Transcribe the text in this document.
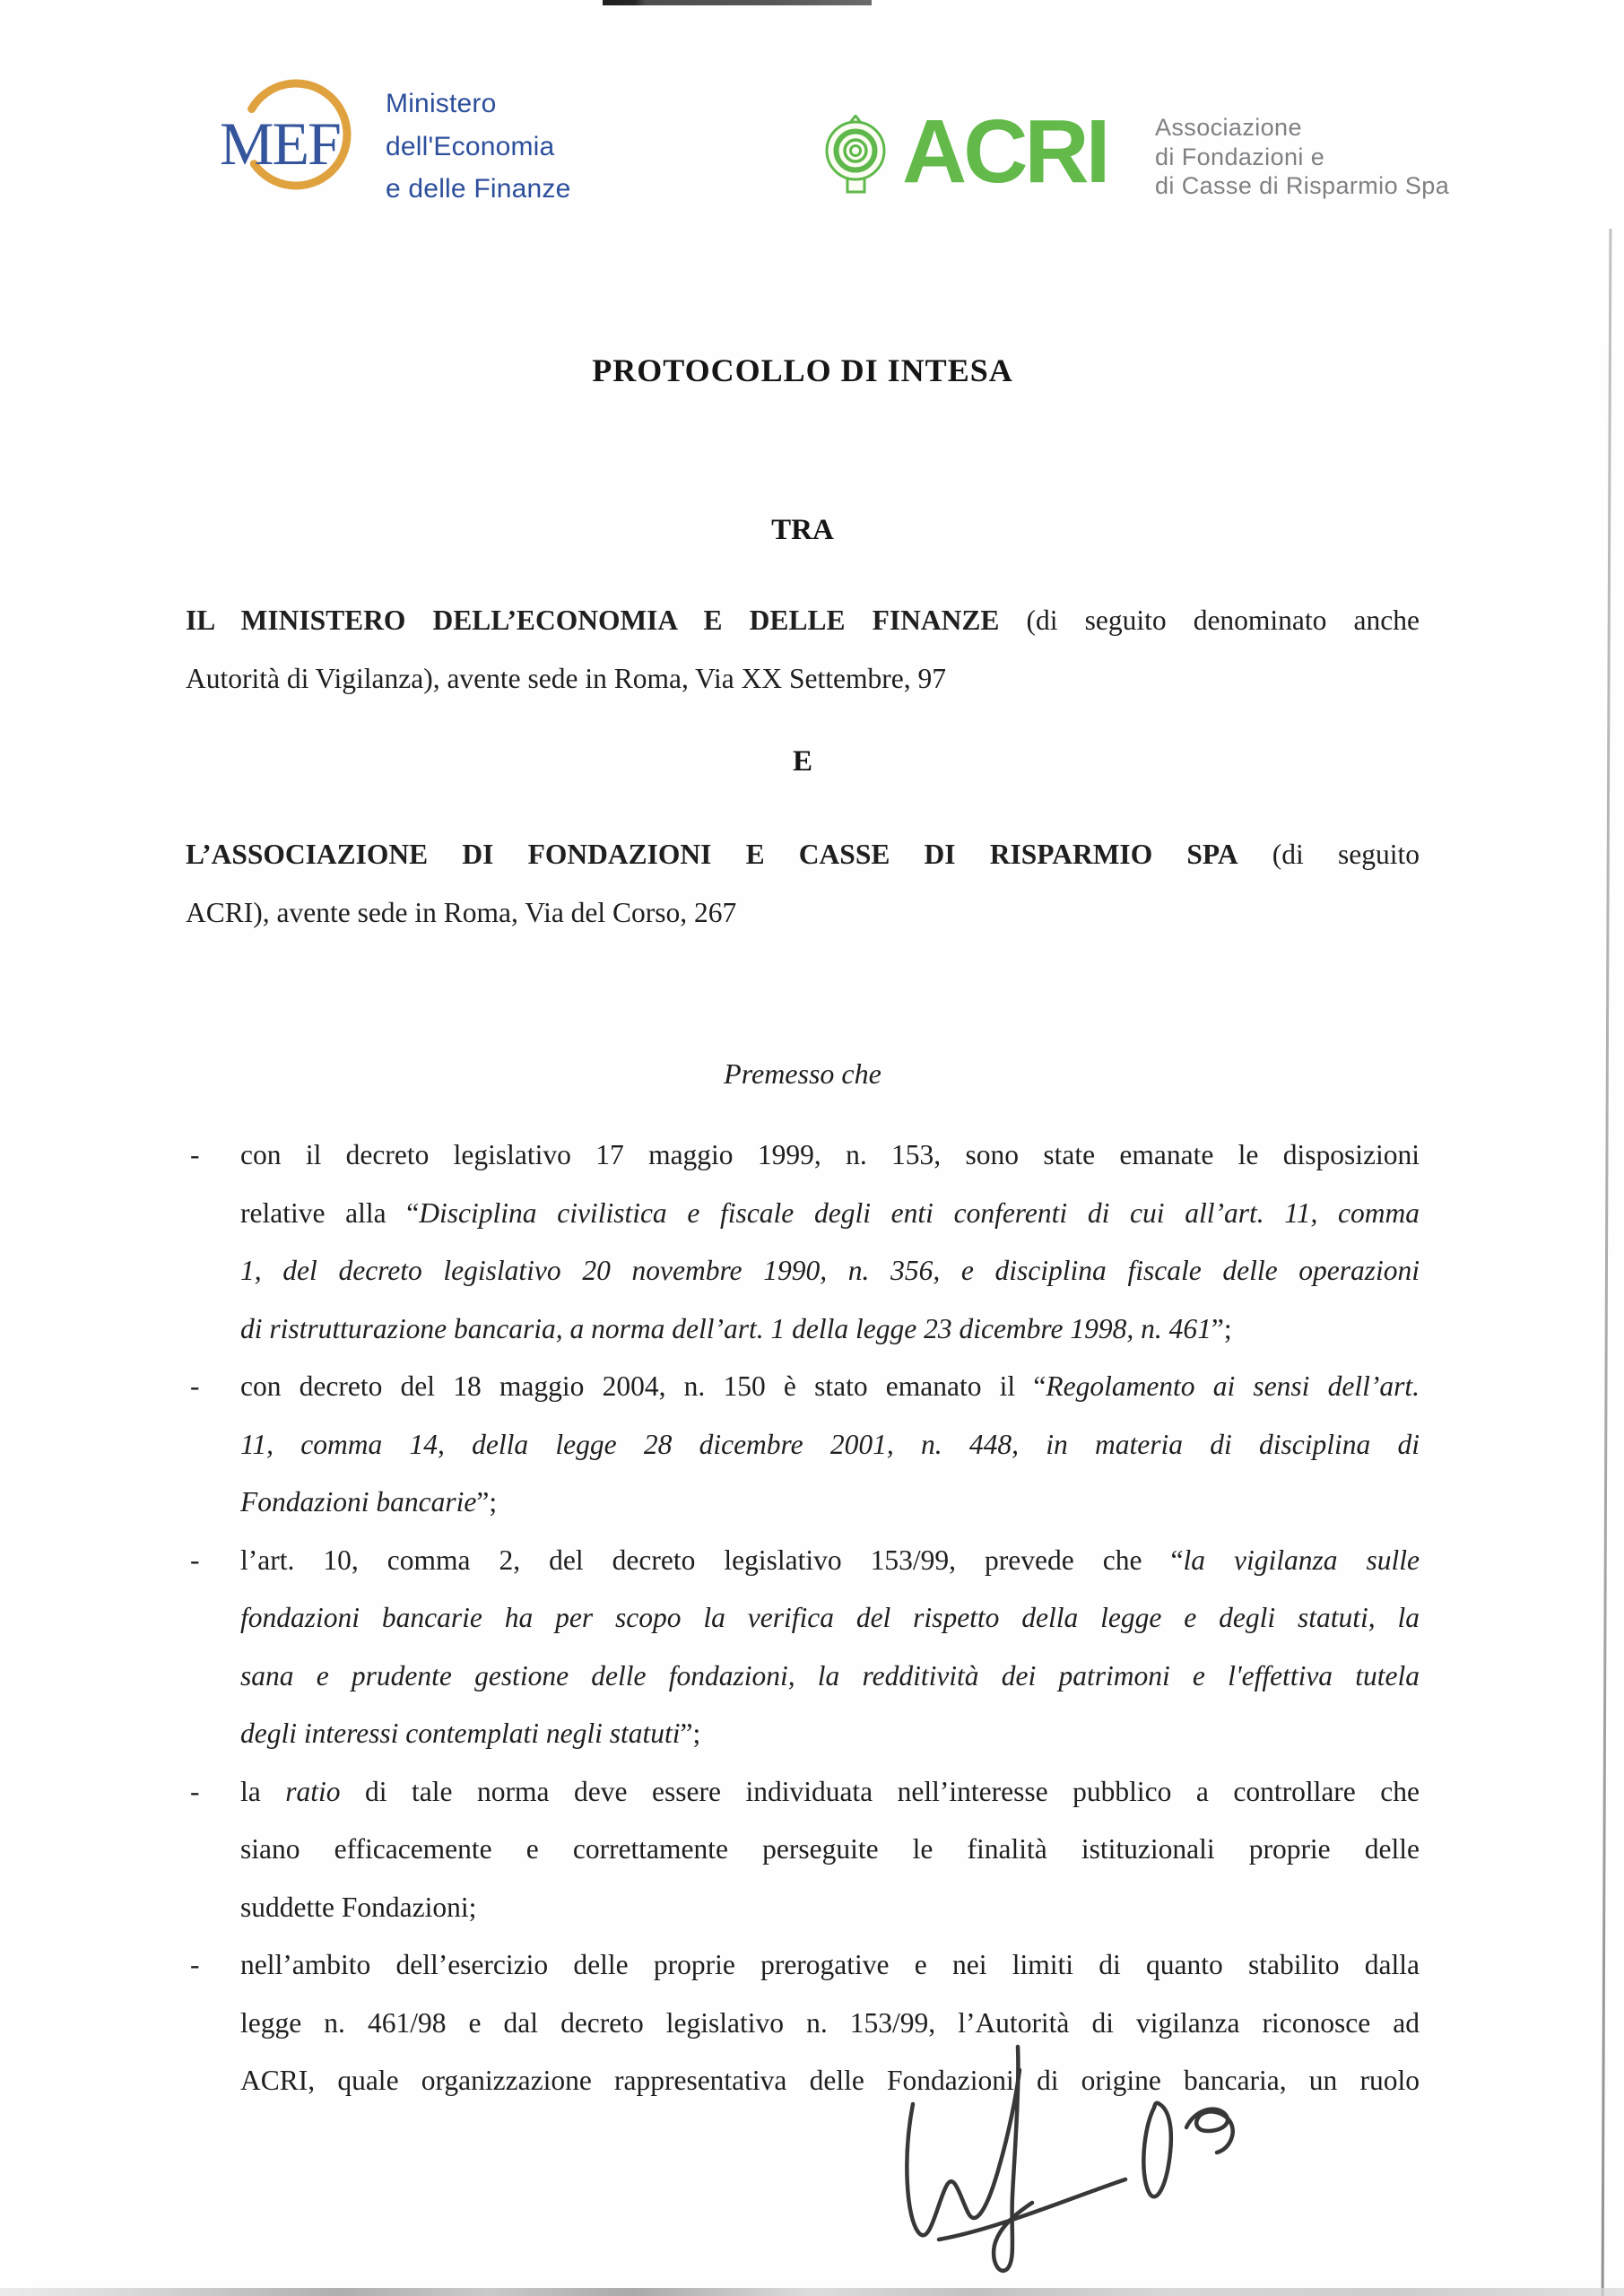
MEF
Ministero
dell'Economia
e delle Finanze	ACRI Associazione
di Fondazioni e
di Casse di Risparmio Spa
PROTOCOLLO DI INTESA
TRA
IL MINISTERO DELL’ECONOMIA E DELLE FINANZE (di seguito denominato anche
Autorità di Vigilanza), avente sede in Roma, Via XX Settembre, 97
E
L’ASSOCIAZIONE DI FONDAZIONI E CASSE DI RISPARMIO SPA (di seguito
ACRI), avente sede in Roma, Via del Corso, 267
Premesso che
- con il decreto legislativo 17 maggio 1999, n. 153, sono state emanate le disposizioni
relative alla “Disciplina civilistica e fiscale degli enti conferenti di cui all’art. 11, comma
1, del decreto legislativo 20 novembre 1990, n. 356, e disciplina fiscale delle operazioni
di ristrutturazione bancaria, a norma dell’art. 1 della legge 23 dicembre 1998, n. 461”;
- con decreto del 18 maggio 2004, n. 150 è stato emanato il “Regolamento ai sensi dell’art.
11, comma 14, della legge 28 dicembre 2001, n. 448, in materia di disciplina di
Fondazioni bancarie”;
- l’art. 10, comma 2, del decreto legislativo 153/99, prevede che “la vigilanza sulle
fondazioni bancarie ha per scopo la verifica del rispetto della legge e degli statuti, la
sana e prudente gestione delle fondazioni, la redditività dei patrimoni e l'effettiva tutela
degli interessi contemplati negli statuti”;
- la ratio di tale norma deve essere individuata nell’interesse pubblico a controllare che
siano efficacemente e correttamente perseguite le finalità istituzionali proprie delle
suddette Fondazioni;
- nell’ambito dell’esercizio delle proprie prerogative e nei limiti di quanto stabilito dalla
legge n. 461/98 e dal decreto legislativo n. 153/99, l’Autorità di vigilanza riconosce ad
ACRI, quale organizzazione rappresentativa delle Fondazioni di origine bancaria, un ruolo
